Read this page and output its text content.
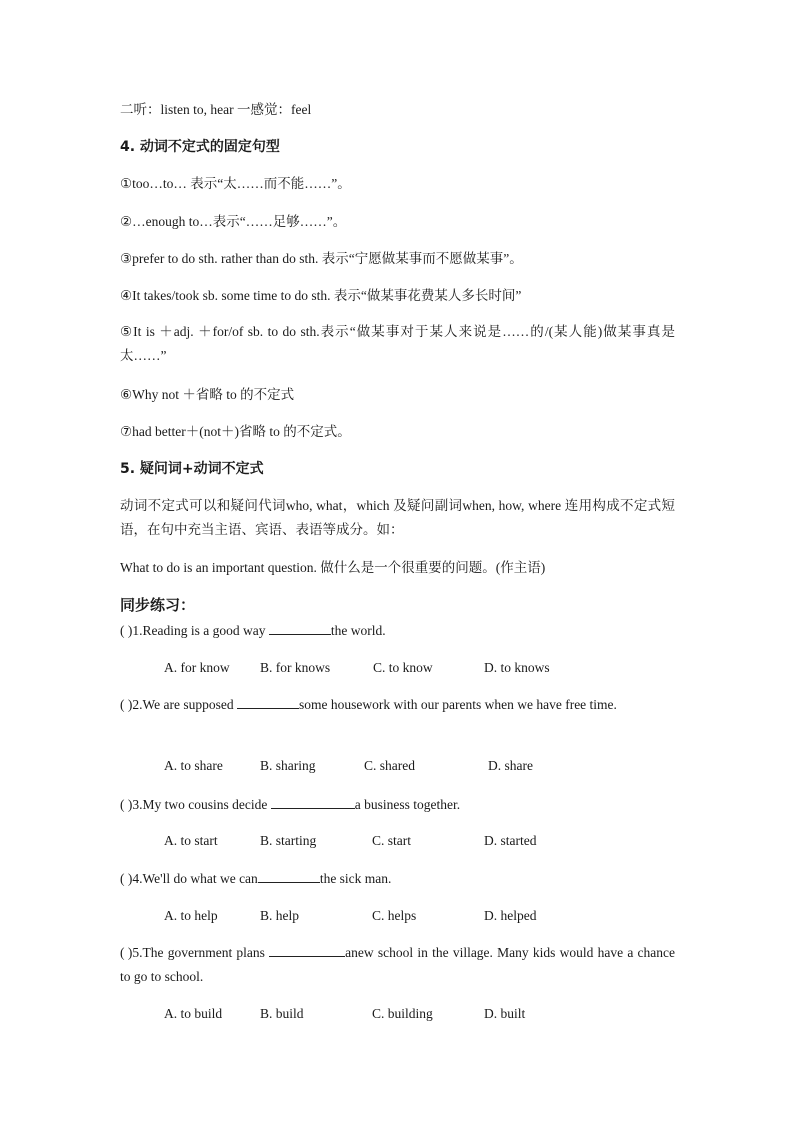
二听：listen to, hear 一感觉：feel
4. 动词不定式的固定句型
①too…to… 表示“太……而不能……”。
②…enough to…表示“……足够……”。
③prefer to do sth. rather than do sth. 表示“宁愿做某事而不愿做某事”。
④It takes/took sb. some time to do sth. 表示“做某事花费某人多长时间”
⑤It is ＋adj. ＋for/of sb. to do sth.表示“做某事对于某人来说是……的/(某人能)做某事真是太……”
⑥Why not ＋省略 to 的不定式
⑦had better＋(not＋)省略 to 的不定式。
5. 疑问词+动词不定式
动词不定式可以和疑问代词who, what，which 及疑问副词when, how, where 连用构成不定式短语，在句中充当主语、宾语、表语等成分。如：
What to do is an important question. 做什么是一个很重要的问题。(作主语)
同步练习：
( )1.Reading is a good way	the world.
A. for know B. for knows	C. to know	D. to knows
( )2.We are supposed	some housework with our parents when we have free time.
A. to share	B. sharing	C. shared	D. share
( )3.My two cousins decide	a business together.
A. to start	B. starting	C. start	D. started
( )4.We'll do what we can	the sick man.
A. to help	B. help	C. helps	D. helped
( )5.The government plans	anew school in the village. Many kids would have a chance to go to school.
A. to build	B. build	C. building	D. built
